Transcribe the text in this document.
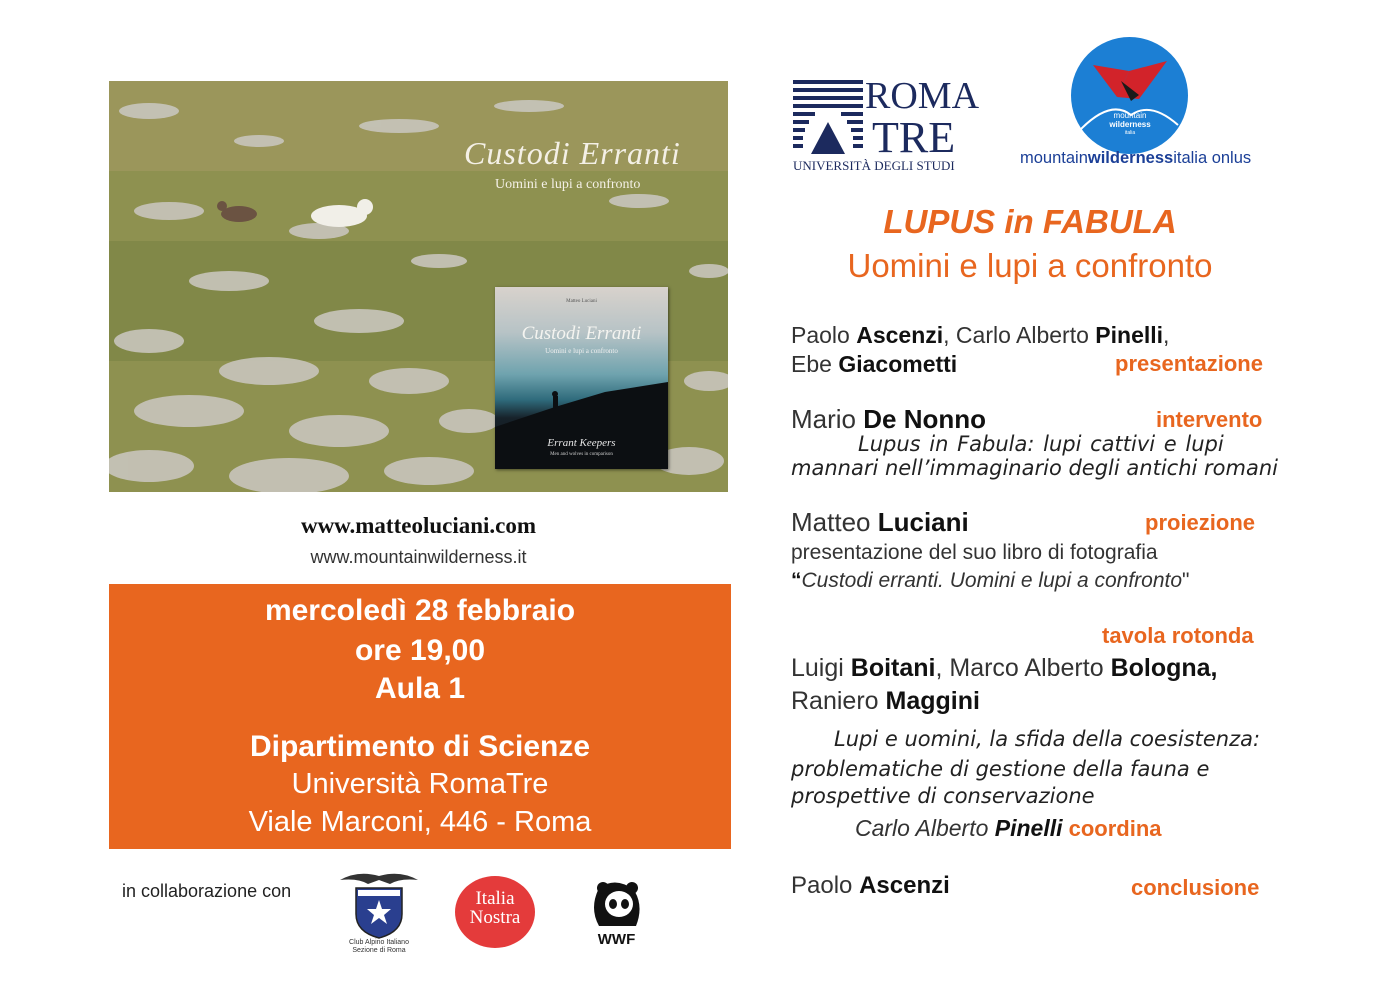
Custodi Erranti
Uomini e lupi a confronto
Matteo Luciani
Custodi Erranti
Uomini e lupi a confronto
Errant Keepers
Men and wolves in comparison
www.matteoluciani.com
www.mountainwilderness.it
mercoledì 28 febbraio
ore 19,00
Aula 1
Dipartimento di Scienze
Università RomaTre
Viale Marconi, 446 - Roma
in collaborazione con
Club Alpino Italiano
Sezione di Roma
Italia
Nostra
WWF
ROMA
TRE
UNIVERSITÀ DEGLI STUDI
mountain
wilderness
italia
mountainwildernessitalia onlus
LUPUS in FABULA
Uomini e lupi a confronto
Paolo Ascenzi, Carlo Alberto Pinelli,
Ebe Giacometti	presentazione
Mario De Nonno	intervento
Lupus in Fabula: lupi cattivi e lupi
mannari nell’immaginario degli antichi romani
Matteo Luciani	proiezione
presentazione del suo libro di fotografia
“Custodi erranti. Uomini e lupi a confronto"
tavola rotonda
Luigi Boitani, Marco Alberto Bologna,
Raniero Maggini
Lupi e uomini, la sfida della coesistenza:
problematiche di gestione della fauna e
prospettive di conservazione
Carlo Alberto Pinelli coordina
Paolo Ascenzi	conclusione
